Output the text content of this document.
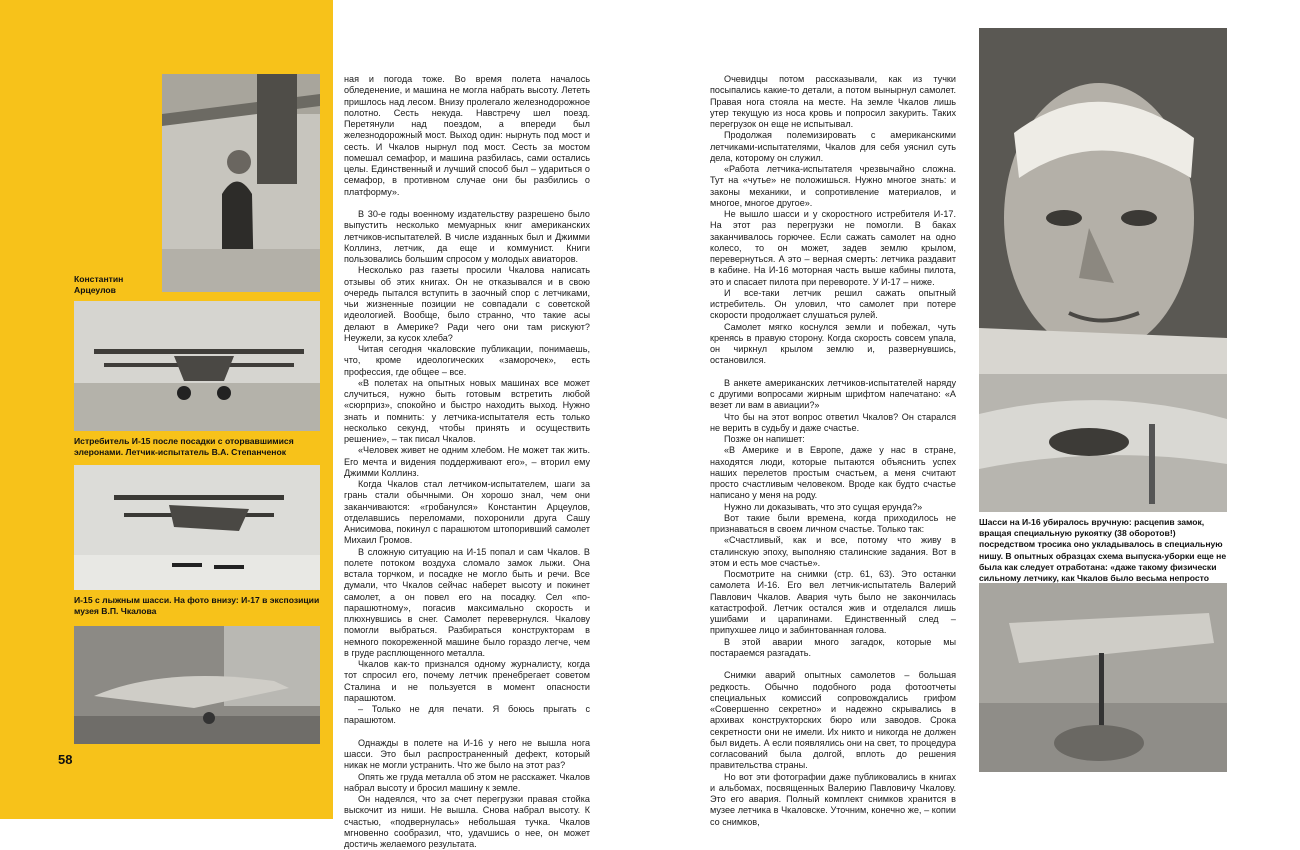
Константин Арцеулов
Истребитель И-15 после посадки с оторвавшимися элеронами. Летчик-испытатель В.А. Степанченок
И-15 с лыжным шасси. На фото внизу: И-17 в экспозиции музея В.П. Чкалова
58

ная и погода тоже. Во время полета началось обледенение, и машина не могла набрать высоту. Лететь пришлось над лесом. Внизу пролегало железнодорожное полотно. Сесть некуда. Навстречу шел поезд. Перетянули над поездом, а впереди был железнодорожный мост. Выход один: нырнуть под мост и сесть. И Чкалов нырнул под мост. Сесть за мостом помешал семафор, и машина разбилась, сами остались целы. Единственный и лучший способ был – удариться о семафор, в противном случае они бы разбились о платформу».

В 30-е годы военному издательству разрешено было выпустить несколько мемуарных книг американских летчиков-испытателей. В числе изданных был и Джимми Коллинз, летчик, да еще и коммунист. Книги пользовались большим спросом у молодых авиаторов.

Несколько раз газеты просили Чкалова написать отзывы об этих книгах. Он не отказывался и в свою очередь пытался вступить в заочный спор с летчиками, чьи жизненные позиции не совпадали с советской идеологией. Вообще, было странно, что такие асы делают в Америке? Ради чего они там рискуют? Неужели, за кусок хлеба?

Читая сегодня чкаловские публикации, понимаешь, что, кроме идеологических «заморочек», есть профессия, где общее – все.

«В полетах на опытных новых машинах все может случиться, нужно быть готовым встретить любой «сюрприз», спокойно и быстро находить выход. Нужно знать и помнить: у летчика-испытателя есть только несколько секунд, чтобы принять и осуществить решение», – так писал Чкалов.

«Человек живет не одним хлебом. Не может так жить. Его мечта и видения поддерживают его», – вторил ему Джимми Коллинз.

Когда Чкалов стал летчиком-испытателем, шаги за грань стали обычными. Он хорошо знал, чем они заканчиваются: «гробанулся» Константин Арцеулов, отделавшись переломами, похоронили друга Сашу Анисимова, покинул с парашютом штопоривший самолет Михаил Громов.

В сложную ситуацию на И-15 попал и сам Чкалов. В полете потоком воздуха сломало замок лыжи. Она встала торчком, и посадке не могло быть и речи. Все думали, что Чкалов сейчас наберет высоту и покинет самолет, а он повел его на посадку. Сел «по-парашютному», погасив максимально скорость и плюхнувшись в снег. Самолет перевернулся. Чкалову помогли выбраться. Разбираться конструкторам в немного покореженной машине было гораздо легче, чем в груде расплющенного металла.

Чкалов как-то признался одному журналисту, когда тот спросил его, почему летчик пренебрегает советом Сталина и не пользуется в момент опасности парашютом.

– Только не для печати. Я боюсь прыгать с парашютом.

Однажды в полете на И-16 у него не вышла нога шасси. Это был распространенный дефект, который никак не могли устранить. Что же было на этот раз?

Опять же груда металла об этом не расскажет. Чкалов набрал высоту и бросил машину к земле.

Он надеялся, что за счет перегрузки правая стойка выскочит из ниши. Не вышла. Снова набрал высоту. К счастью, «подвернулась» небольшая тучка. Чкалов мгновенно сообразил, что, удаvшись о нее, он может достичь желаемого результата.

Очевидцы потом рассказывали, как из тучки посыпались какие-то детали, а потом вынырнул самолет. Правая нога стояла на месте. На земле Чкалов лишь утер текущую из носа кровь и попросил закурить. Таких перегрузок он еще не испытывал.

Продолжая полемизировать с американскими летчиками-испытателями, Чкалов для себя уяснил суть дела, которому он служил.

«Работа летчика-испытателя чрезвычайно сложна. Тут на «чутье» не положишься. Нужно многое знать: и законы механики, и сопротивление материалов, и многое, многое другое».

Не вышло шасси и у скоростного истребителя И-17. На этот раз перегрузки не помогли. В баках заканчивалось горючее. Если сажать самолет на одно колесо, то он может, задев землю крылом, перевернуться. А это – верная смерть: летчика раздавит в кабине. На И-16 моторная часть выше кабины пилота, это и спасает пилота при перевороте. У И-17 – ниже.

И все-таки летчик решил сажать опытный истребитель. Он уловил, что самолет при потере скорости продолжает слушаться рулей.

Самолет мягко коснулся земли и побежал, чуть кренясь в правую сторону. Когда скорость совсем упала, он чиркнул крылом землю и, развернувшись, остановился.

В анкете американских летчиков-испытателей наряду с другими вопросами жирным шрифтом напечатано: «А везет ли вам в авиации?»

Что бы на этот вопрос ответил Чкалов? Он старался не верить в судьбу и даже счастье.

Позже он напишет:

«В Америке и в Европе, даже у нас в стране, находятся люди, которые пытаются объяснить успех наших перелетов простым счастьем, а меня считают просто счастливым человеком. Вроде как будто счастье написано у меня на роду.

Нужно ли доказывать, что это сущая ерунда?»

Вот такие были времена, когда приходилось не признаваться в своем личном счастье. Только так:

«Счастливый, как и все, потому что живу в сталинскую эпоху, выполняю сталинские задания. Вот в этом и есть мое счастье».

Посмотрите на снимки (стр. 61, 63). Это останки самолета И-16. Его вел летчик-испытатель Валерий Павлович Чкалов. Авария чуть было не закончилась катастрофой. Летчик остался жив и отделался лишь ушибами и царапинами. Единственный след – припухшее лицо и забинтованная голова.

В этой аварии много загадок, которые мы постараемся разгадать.

Снимки аварий опытных самолетов – большая редкость. Обычно подобного рода фотоотчеты специальных комиссий сопровождались грифом «Совершенно секретно» и надежно скрывались в архивах конструкторских бюро или заводов. Срока секретности они не имели. Их никто и никогда не должен был видеть. А если появлялись они на свет, то процедура согласований была долгой, вплоть до решения правительства страны.

Но вот эти фотографии даже публиковались в книгах и альбомах, посвященных Валерию Павловичу Чкалову. Это его авария. Полный комплект снимков хранится в музее летчика в Чкаловске. Уточним, конечно же, – копии со снимков,

Шасси на И-16 убиралось вручную: расцепив замок, вращая специальную рукоятку (38 оборотов!) посредством тросика оно укладывалось в специальную нишу. В опытных образцах схема выпуска-уборки еще не была как следует отработана: «даже такому физически сильному летчику, как Чкалов было весьма непросто
